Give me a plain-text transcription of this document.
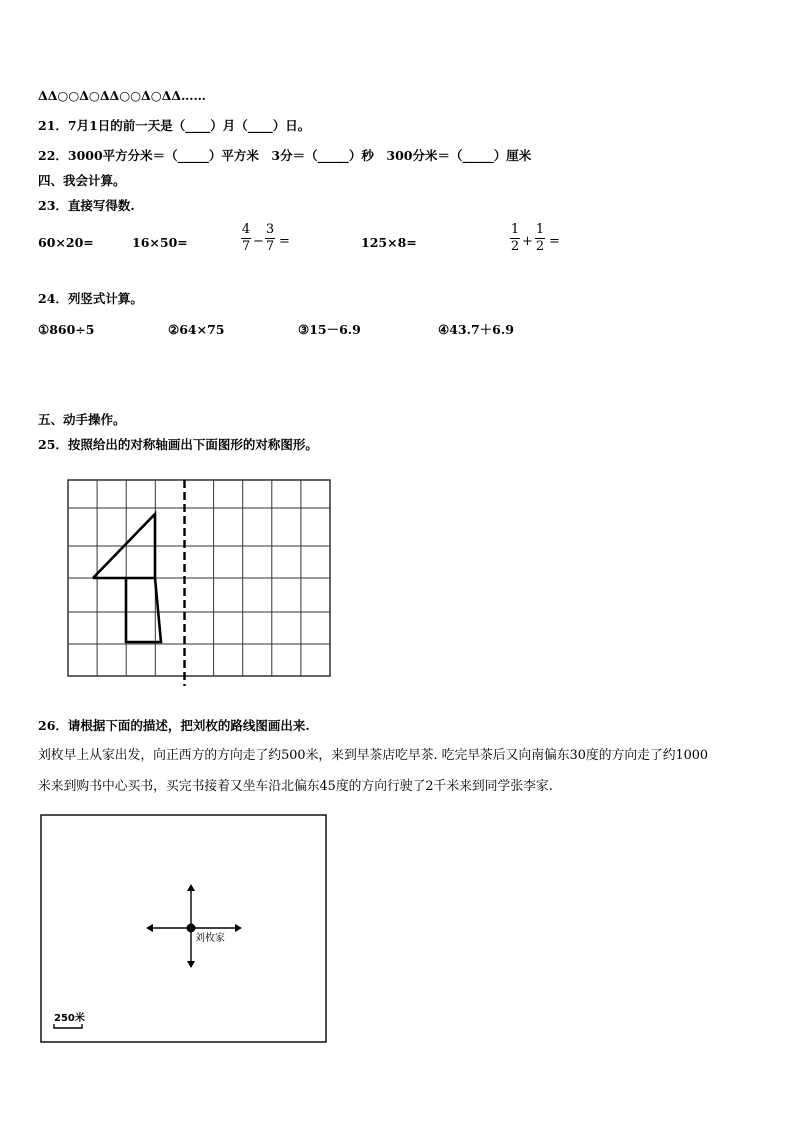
ΔΔ○○Δ○ΔΔ○○Δ○ΔΔ……
21．7月1日的前一天是（____）月（____）日。
22．3000平方分米＝（_____）平方米　3分＝（_____）秒　300分米＝（_____）厘米
四、我会计算。
23．直接写得数.
60×20=	16×50=
4
7 −
3
7 =	125×8=
1
2 +
1
2 =
24．列竖式计算。
①860÷5	②64×75	③15－6.9	④43.7＋6.9
五、动手操作。
25．按照给出的对称轴画出下面图形的对称图形。
26．请根据下面的描述，把刘枚的路线图画出来.
刘枚早上从家出发，向正西方的方向走了约500米，来到早茶店吃早茶. 吃完早茶后又向南偏东30度的方向走了约1000
米来到购书中心买书，买完书接着又坐车沿北偏东45度的方向行驶了2千米来到同学张李家.
刘枚家
250米
